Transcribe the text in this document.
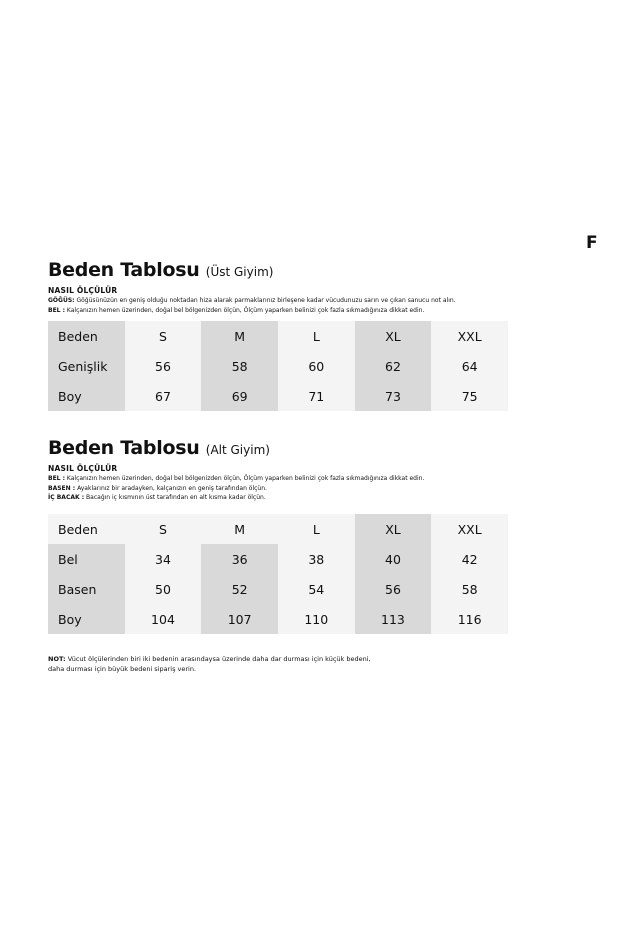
F
Beden Tablosu (Üst Giyim)
NASIL ÖLÇÜLÜR
GÖĞÜS: Göğüsünüzün en geniş olduğu noktadan hiza alarak parmaklarınız birleşene kadar vücudunuzu sarın ve çıkan sanucu not alın.
BEL : Kalçanızın hemen üzerinden, doğal bel bölgenizden ölçün, Ölçüm yaparken belinizi çok fazla sıkmadığınıza dikkat edin.
Beden	S	M	L	XL	XXL
Genişlik	56	58	60	62	64
Boy	67	69	71	73	75
Beden Tablosu (Alt Giyim)
NASIL ÖLÇÜLÜR
BEL : Kalçanızın hemen üzerinden, doğal bel bölgenizden ölçün, Ölçüm yaparken belinizi çok fazla sıkmadığınıza dikkat edin.
BASEN : Ayaklarınız bir aradayken, kalçanızın en geniş tarafından ölçün.
İÇ BACAK : Bacağın iç kısmının üst tarafından en alt kısma kadar ölçün.
Beden	S	M	L	XL	XXL
Bel	34	36	38	40	42
Basen	50	52	54	56	58
Boy	104	107	110	113	116
NOT: Vücut ölçülerinden biri iki bedenin arasındaysa üzerinde daha dar durması için küçük bedeni,
daha durması için büyük bedeni sipariş verin.
